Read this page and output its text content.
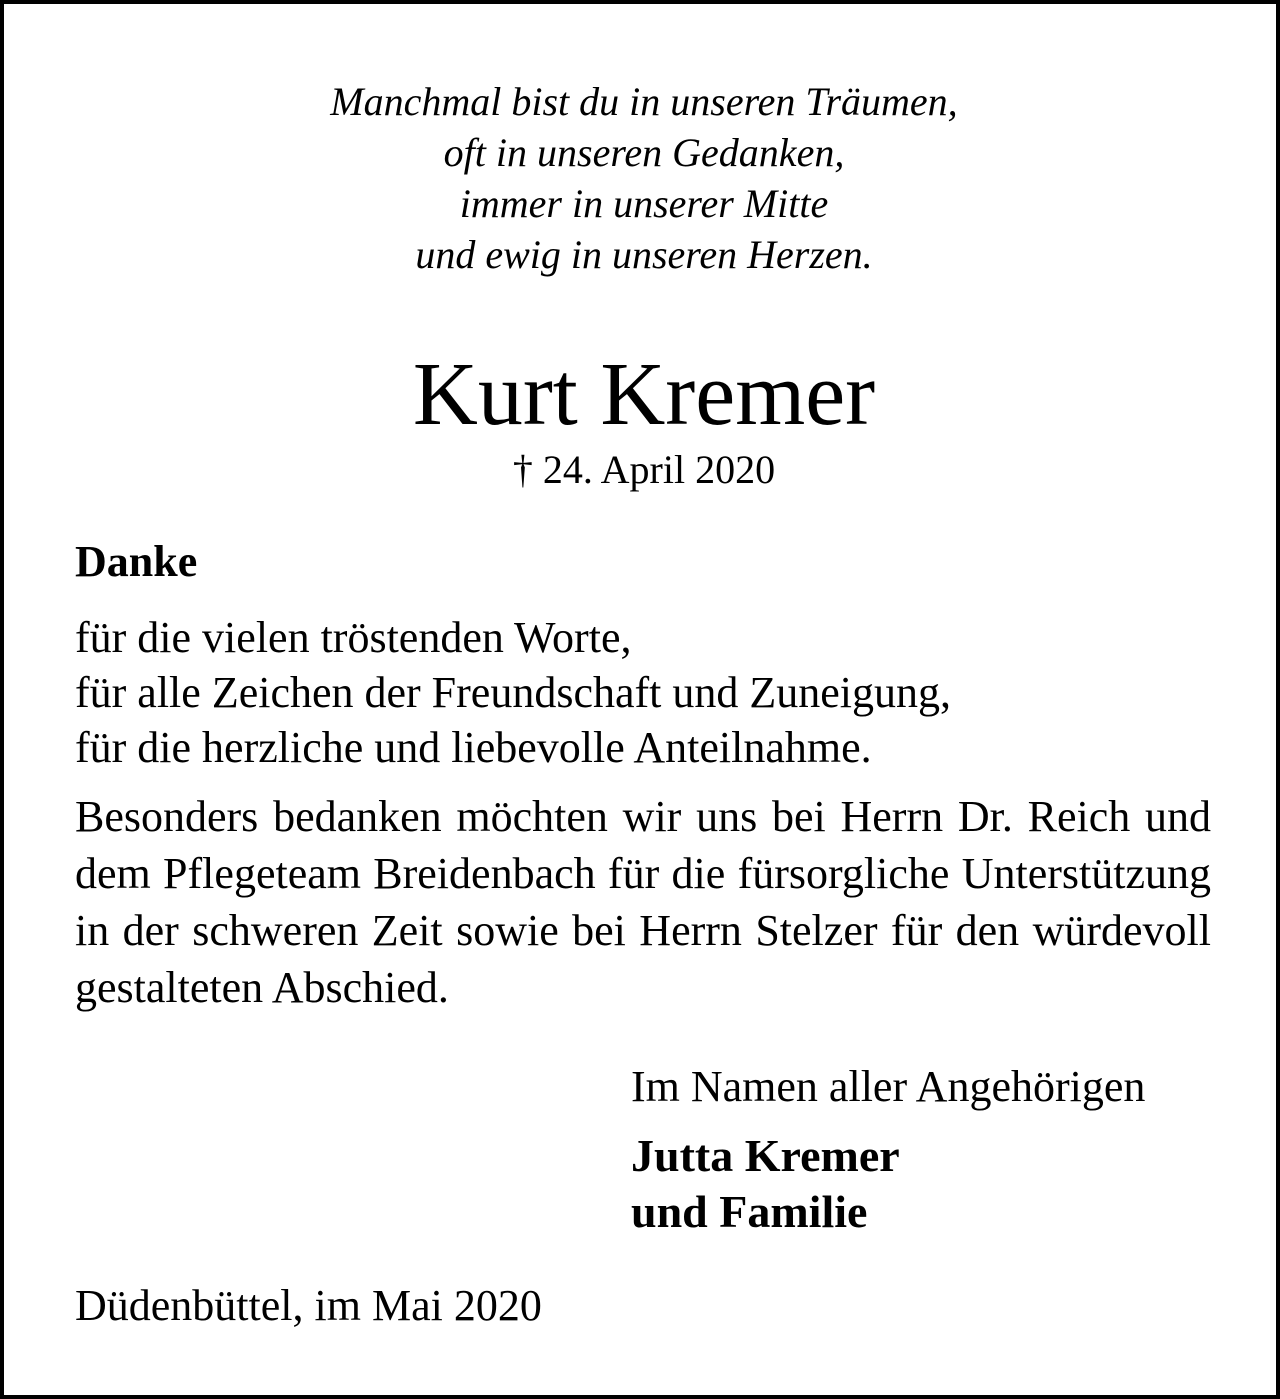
Manchmal bist du in unseren Träumen,
oft in unseren Gedanken,
immer in unserer Mitte
und ewig in unseren Herzen.
Kurt Kremer
† 24. April 2020
Danke
für die vielen tröstenden Worte,
für alle Zeichen der Freundschaft und Zuneigung,
für die herzliche und liebevolle Anteilnahme.
Besonders bedanken möchten wir uns bei Herrn Dr. Reich und dem Pflegeteam Breidenbach für die fürsorgliche Unterstützung in der schweren Zeit sowie bei Herrn Stelzer für den würdevoll gestalteten Abschied.
Im Namen aller Angehörigen
Jutta Kremer
und Familie
Düdenbüttel, im Mai 2020
